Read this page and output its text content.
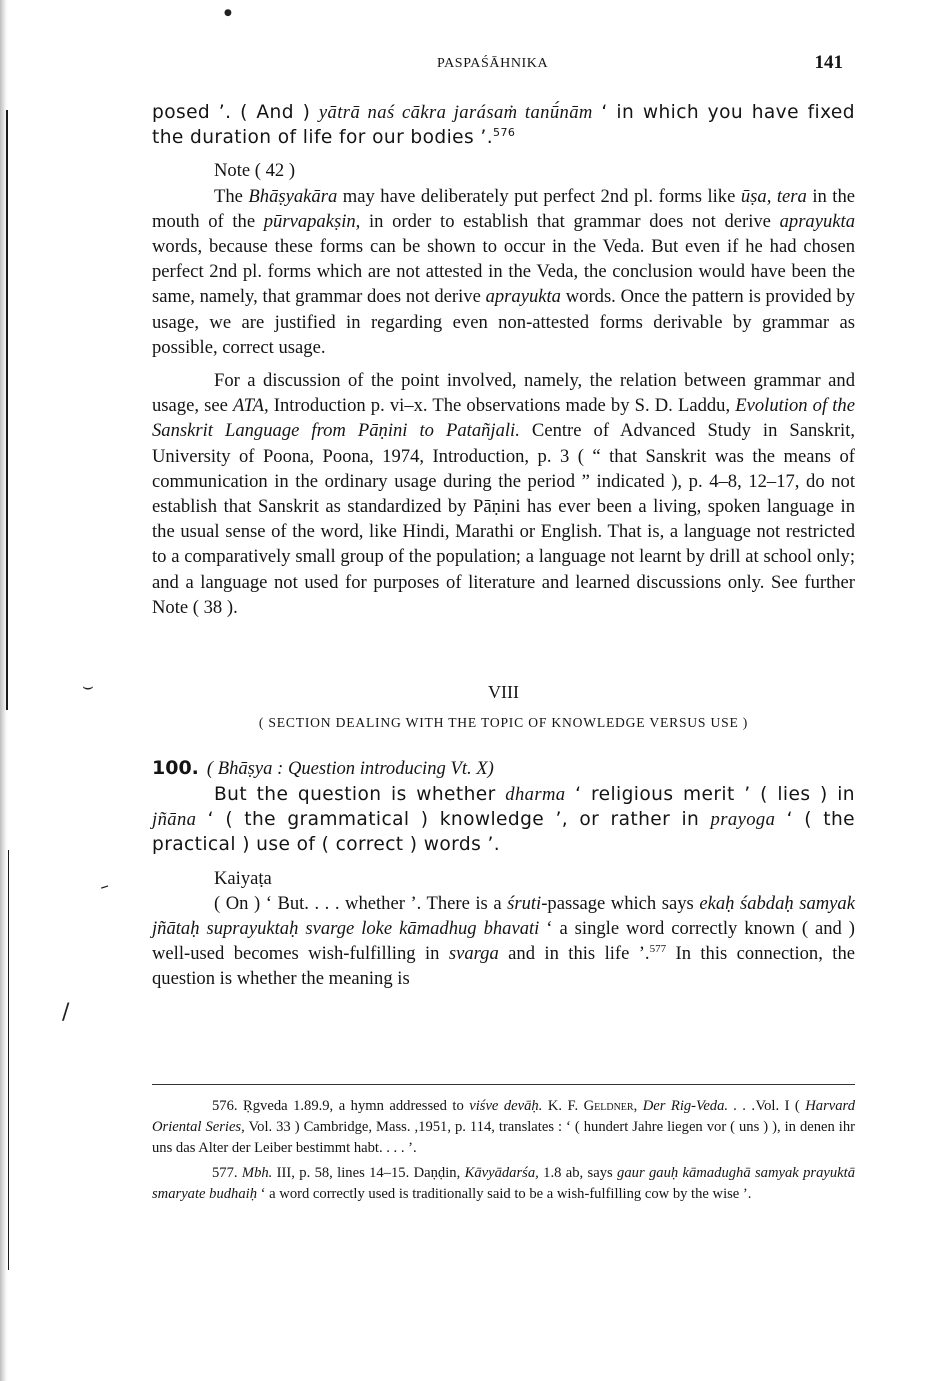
⌣
–
/
●
PASPAŚĀHNIKA	141

posed ’. ( And ) yātrā naś cākra jarásaṁ tanū́nām ‘ in which you have fixed the duration of life for our bodies ’.$^{576}$

Note ( 42 )

The Bhāṣyakāra may have deliberately put perfect 2nd pl. forms like ūṣa, tera in the mouth of the pūrvapakṣin, in order to establish that grammar does not derive aprayukta words, because these forms can be shown to occur in the Veda. But even if he had chosen perfect 2nd pl. forms which are not attested in the Veda, the conclusion would have been the same, namely, that grammar does not derive aprayukta words. Once the pattern is provided by usage, we are justified in regarding even non-attested forms derivable by grammar as possible, correct usage.

For a discussion of the point involved, namely, the relation between grammar and usage, see ATA, Introduction p. vi–x. The observations made by S. D. Laddu, Evolution of the Sanskrit Language from Pāṇini to Patañjali. Centre of Advanced Study in Sanskrit, University of Poona, Poona, 1974, Introduction, p. 3 ( “ that Sanskrit was the means of communication in the ordinary usage during the period ” indicated ), p. 4–8, 12–17, do not establish that Sanskrit as standardized by Pāṇini has ever been a living, spoken language in the usual sense of the word, like Hindi, Marathi or English. That is, a language not restricted to a comparatively small group of the population; a language not learnt by drill at school only; and a language not used for purposes of literature and learned discussions only. See further Note ( 38 ).

VIII
( SECTION DEALING WITH THE TOPIC OF KNOWLEDGE VERSUS USE )
100. ( Bhāṣya : Question introducing Vt. X)

But the question is whether dharma ‘ religious merit ’ ( lies ) in jñāna ‘ ( the grammatical ) knowledge ’, or rather in prayoga ‘ ( the practical ) use of ( correct ) words ’.

Kaiyaṭa

( On ) ‘ But. . . . whether ’. There is a śruti-passage which says ekaḥ śabdaḥ samyak jñātaḥ suprayuktaḥ svarge loke kāmadhug bhavati ‘ a single word correctly known ( and ) well-used becomes wish-fulfilling in svarga and in this life ’.$^{577}$ In this connection, the question is whether the meaning is

576. Ṛgveda 1.89.9, a hymn addressed to viśve devāḥ. K. F. Geldner, Der Rig-Veda. . . .Vol. I ( Harvard Oriental Series, Vol. 33 ) Cambridge, Mass. ,1951, p. 114, translates : ‘ ( hundert Jahre liegen vor ( uns ) ), in denen ihr uns das Alter der Leiber bestimmt habt. . . . ’.

577. Mbh. III, p. 58, lines 14–15. Daṇḍin, Kāvyādarśa, 1.8 ab, says gaur gauḥ kāmadughā samyak prayuktā smaryate budhaiḥ ‘ a word correctly used is traditionally said to be a wish-fulfilling cow by the wise ’.
